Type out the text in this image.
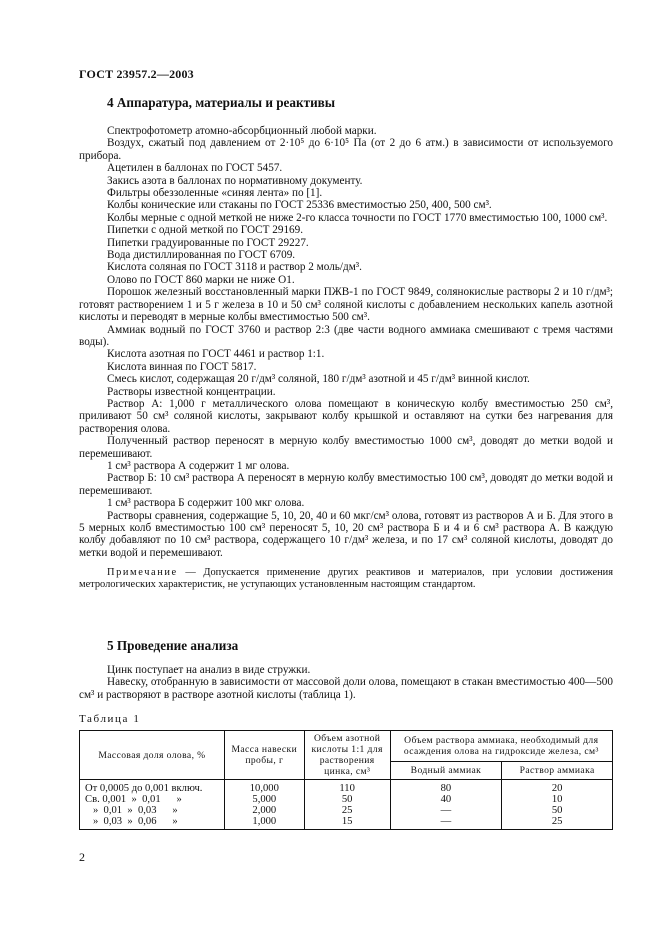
ГОСТ 23957.2—2003
4 Аппаратура, материалы и реактивы

Спектрофотометр атомно-абсорбционный любой марки.

Воздух, сжатый под давлением от 2·10⁵ до 6·10⁵ Па (от 2 до 6 атм.) в зависимости от используемого прибора.

Ацетилен в баллонах по ГОСТ 5457.

Закись азота в баллонах по нормативному документу.

Фильтры обеззоленные «синяя лента» по [1].

Колбы конические или стаканы по ГОСТ 25336 вместимостью 250, 400, 500 см³.

Колбы мерные с одной меткой не ниже 2-го класса точности по ГОСТ 1770 вместимостью 100, 1000 см³.

Пипетки с одной меткой по ГОСТ 29169.

Пипетки градуированные по ГОСТ 29227.

Вода дистиллированная по ГОСТ 6709.

Кислота соляная по ГОСТ 3118 и раствор 2 моль/дм³.

Олово по ГОСТ 860 марки не ниже О1.

Порошок железный восстановленный марки ПЖВ-1 по ГОСТ 9849, солянокислые растворы 2 и 10 г/дм³; готовят растворением 1 и 5 г железа в 10 и 50 см³ соляной кислоты с добавлением нескольких капель азотной кислоты и переводят в мерные колбы вместимостью 500 см³.

Аммиак водный по ГОСТ 3760 и раствор 2:3 (две части водного аммиака смешивают с тремя частями воды).

Кислота азотная по ГОСТ 4461 и раствор 1:1.

Кислота винная по ГОСТ 5817.

Смесь кислот, содержащая 20 г/дм³ соляной, 180 г/дм³ азотной и 45 г/дм³ винной кислот.

Растворы известной концентрации.

Раствор А: 1,000 г металлического олова помещают в коническую колбу вместимостью 250 см³, приливают 50 см³ соляной кислоты, закрывают колбу крышкой и оставляют на сутки без нагревания для растворения олова.

Полученный раствор переносят в мерную колбу вместимостью 1000 см³, доводят до метки водой и перемешивают.

1 см³ раствора А содержит 1 мг олова.

Раствор Б: 10 см³ раствора А переносят в мерную колбу вместимостью 100 см³, доводят до метки водой и перемешивают.

1 см³ раствора Б содержит 100 мкг олова.

Растворы сравнения, содержащие 5, 10, 20, 40 и 60 мкг/см³ олова, готовят из растворов А и Б. Для этого в 5 мерных колб вместимостью 100 см³ переносят 5, 10, 20 см³ раствора Б и 4 и 6 см³ раствора А. В каждую колбу добавляют по 10 см³ раствора, содержащего 10 г/дм³ железа, и по 17 см³ соляной кислоты, доводят до метки водой и перемешивают.

Примечание — Допускается применение других реактивов и материалов, при условии достижения метрологических характеристик, не уступающих установленным настоящим стандартом.

5 Проведение анализа

Цинк поступает на анализ в виде стружки.

Навеску, отобранную в зависимости от массовой доли олова, помещают в стакан вместимостью 400—500 см³ и растворяют в растворе азотной кислоты (таблица 1).

Таблица 1
Массовая доля олова, %	Масса навески пробы, г	Объем азотной кислоты 1:1 для растворения цинка, см³	Объем раствора аммиака, необходимый для осаждения олова на гидроксиде железа, см³	
			Водный аммиак	Раствор аммиака
От 0,0005 до 0,001 включ.	10,000	110	80	20
Св. 0,001  »  0,01      »	5,000	50	40	10
»  0,01  »  0,03      »	2,000	25	—	50
»  0,03  »  0,06      »	1,000	15	—	25
2
